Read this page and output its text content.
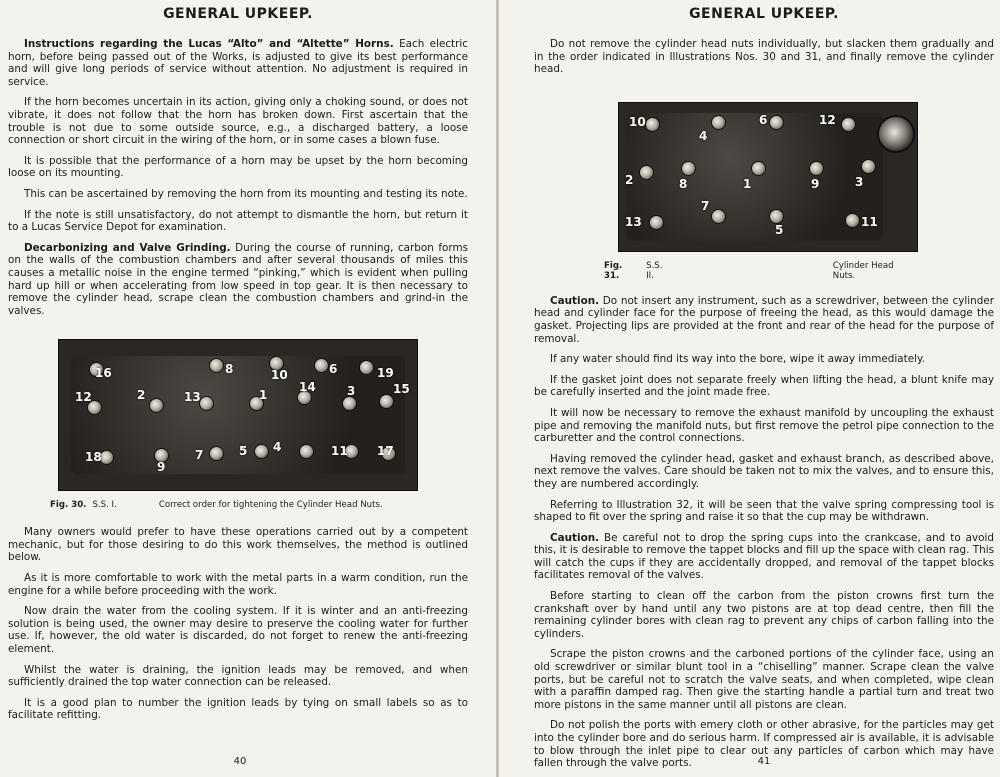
GENERAL UPKEEP.

Instructions regarding the Lucas “Alto” and “Altette” Horns. Each electric horn, before being passed out of the Works, is adjusted to give its best performance and will give long periods of service without attention. No adjustment is required in service.

If the horn becomes uncertain in its action, giving only a choking sound, or does not vibrate, it does not follow that the horn has broken down. First ascertain that the trouble is not due to some outside source, e.g., a discharged battery, a loose connection or short circuit in the wiring of the horn, or in some cases a blown fuse.

It is possible that the performance of a horn may be upset by the horn becoming loose on its mounting.

This can be ascertained by removing the horn from its mounting and testing its note.

If the note is still unsatisfactory, do not attempt to dismantle the horn, but return it to a Lucas Service Depot for examination.

Decarbonizing and Valve Grinding. During the course of running, carbon forms on the walls of the combustion chambers and after several thousands of miles this causes a metallic noise in the engine termed “pinking,” which is evident when pulling hard up hill or when accelerating from low speed in top gear. It is then necessary to remove the cylinder head, scrape clean the combustion chambers and grind-in the valves.

16	8	10	6	19
12	2	13	1
14	3	15
4
18
9
7	5	11 17
Fig. 30. S.S. I.	Correct order for tightening the Cylinder Head Nuts.

Many owners would prefer to have these operations carried out by a competent mechanic, but for those desiring to do this work themselves, the method is outlined below.

As it is more comfortable to work with the metal parts in a warm condition, run the engine for a while before proceeding with the work.

Now drain the water from the cooling system. If it is winter and an anti-freezing solution is being used, the owner may desire to preserve the cooling water for further use. If, however, the old water is discarded, do not forget to renew the anti-freezing element.

Whilst the water is draining, the ignition leads may be removed, and when sufficiently drained the top water connection can be released.

It is a good plan to number the ignition leads by tying on small labels so as to facilitate refitting.

40
GENERAL UPKEEP.

Do not remove the cylinder head nuts individually, but slacken them gradually and in the order indicated in Illustrations Nos. 30 and 31, and finally remove the cylinder head.

10
4
6	12
2	8	1	9	3
13
7
5
11
Fig. 31.
S.S. II.
Cylinder Head Nuts.

Caution. Do not insert any instrument, such as a screwdriver, between the cylinder head and cylinder face for the purpose of freeing the head, as this would damage the gasket. Projecting lips are provided at the front and rear of the head for the purpose of removal.

If any water should find its way into the bore, wipe it away immediately.

If the gasket joint does not separate freely when lifting the head, a blunt knife may be carefully inserted and the joint made free.

It will now be necessary to remove the exhaust manifold by uncoupling the exhaust pipe and removing the manifold nuts, but first remove the petrol pipe connection to the carburetter and the control connections.

Having removed the cylinder head, gasket and exhaust branch, as described above, next remove the valves. Care should be taken not to mix the valves, and to ensure this, they are numbered accordingly.

Referring to Illustration 32, it will be seen that the valve spring compressing tool is shaped to fit over the spring and raise it so that the cup may be withdrawn.

Caution. Be careful not to drop the spring cups into the crankcase, and to avoid this, it is desirable to remove the tappet blocks and fill up the space with clean rag. This will catch the cups if they are accidentally dropped, and removal of the tappet blocks facilitates removal of the valves.

Before starting to clean off the carbon from the piston crowns first turn the crankshaft over by hand until any two pistons are at top dead centre, then fill the remaining cylinder bores with clean rag to prevent any chips of carbon falling into the cylinders.

Scrape the piston crowns and the carboned portions of the cylinder face, using an old screwdriver or similar blunt tool in a “chiselling” manner. Scrape clean the valve ports, but be careful not to scratch the valve seats, and when completed, wipe clean with a paraffin damped rag. Then give the starting handle a partial turn and treat two more pistons in the same manner until all pistons are clean.

Do not polish the ports with emery cloth or other abrasive, for the particles may get into the cylinder bore and do serious harm. If compressed air is available, it is advisable to blow through the inlet pipe to clear out any particles of carbon which may have fallen through the valve ports.	41
